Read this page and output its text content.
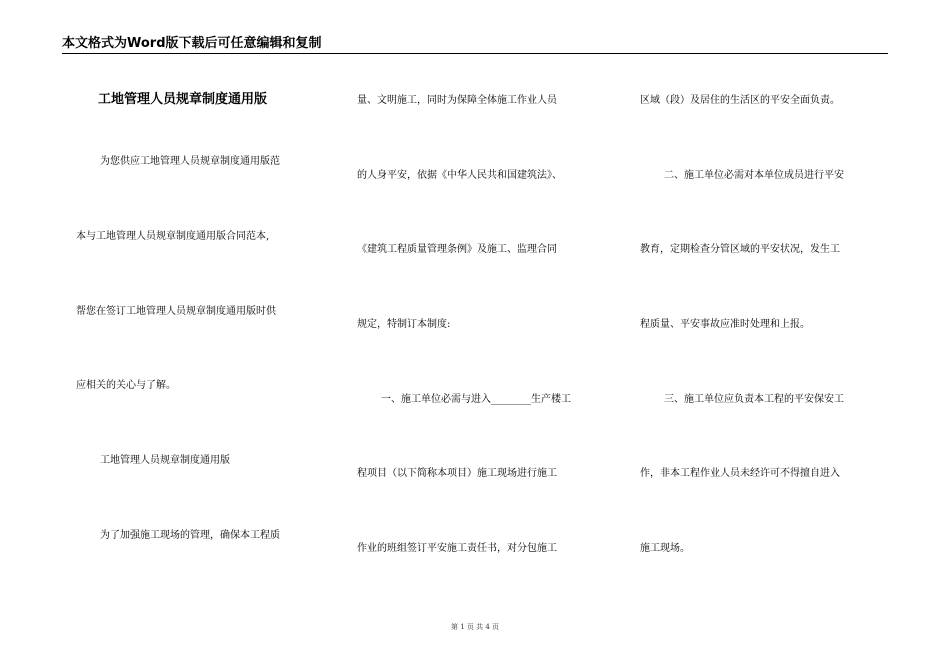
本文格式为Word版下载后可任意编辑和复制
工地管理人员规章制度通用版
为您供应工地管理人员规章制度通用版范
本与工地管理人员规章制度通用版合同范本,
帮您在签订工地管理人员规章制度通用版时供
应相关的关心与了解。
工地管理人员规章制度通用版
为了加强施工现场的管理，确保本工程质
量、文明施工，同时为保障全体施工作业人员
的人身平安，依据《中华人民共和国建筑法》、
《建筑工程质量管理条例》及施工、监理合同
规定，特制订本制度:
一、施工单位必需与进入________生产楼工
程项目（以下简称本项目）施工现场进行施工
作业的班组签订平安施工责任书，对分包施工
区域（段）及居住的生活区的平安全面负责。
二、施工单位必需对本单位成员进行平安
教育，定期检查分管区域的平安状况，发生工
程质量、平安事故应准时处理和上报。
三、施工单位应负责本工程的平安保安工
作，非本工程作业人员未经许可不得擅自进入
施工现场。
第 1 页 共 4 页
